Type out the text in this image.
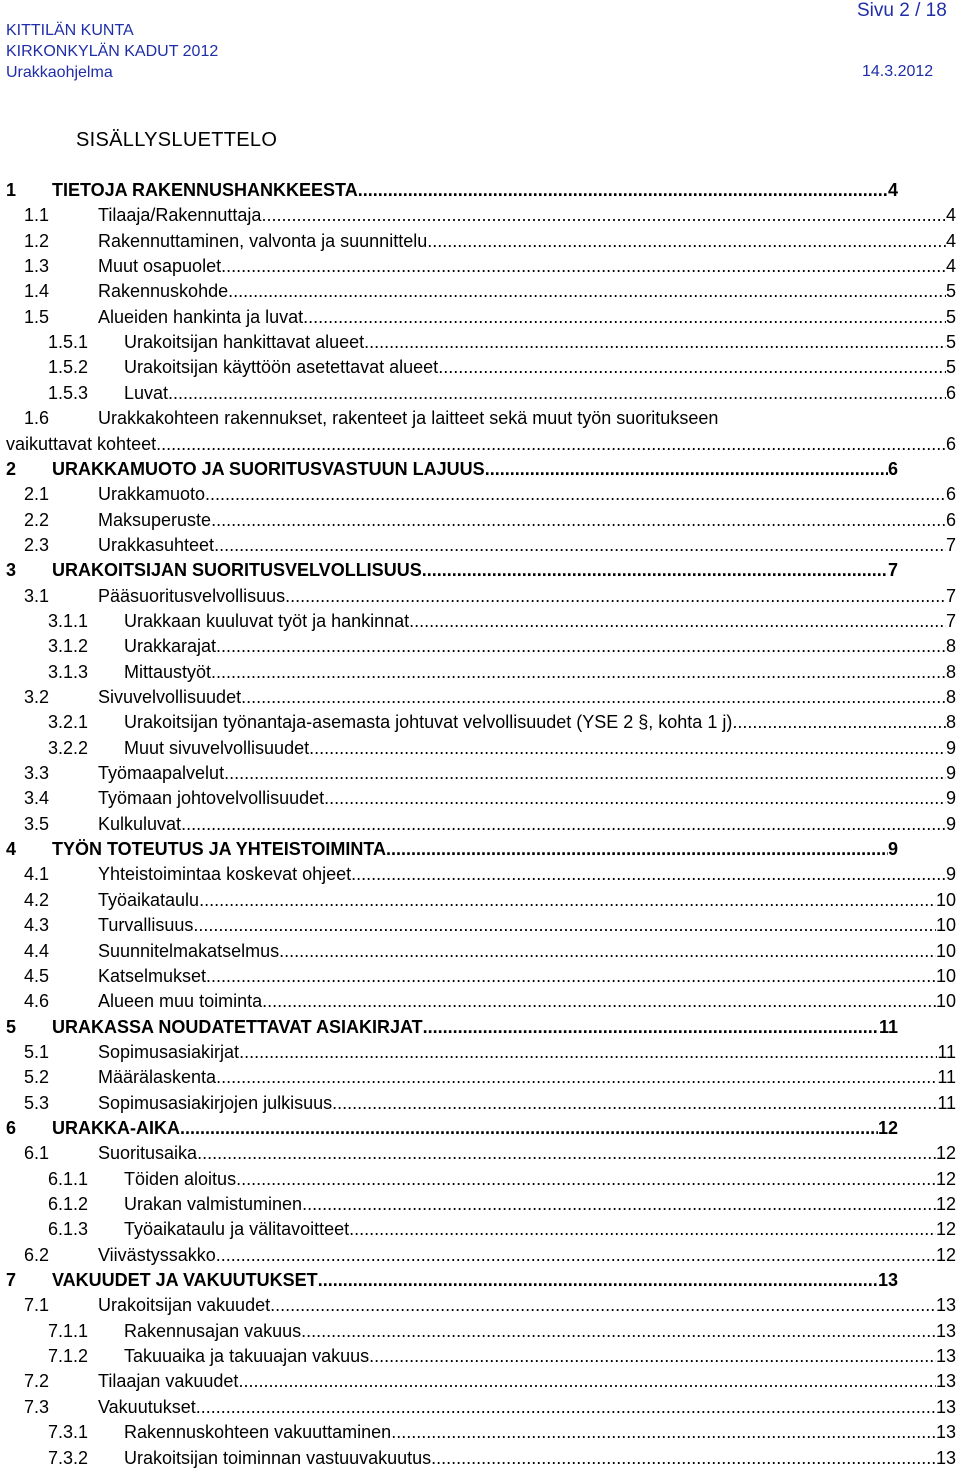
KITTILÄN KUNTA
KIRKONKYLÄN KADUT 2012
Urakkaohjelma	14.3.2012
Sivu 2 / 18
SISÄLLYSLUETTELO
1 TIETOJA RAKENNUSHANKKEESTA .....	4
1.1	Tilaaja/Rakennuttaja .....	4
1.2	Rakennuttaminen, valvonta ja suunnittelu .....	4
1.3	Muut osapuolet .....	4
1.4	Rakennuskohde .....	5
1.5	Alueiden hankinta ja luvat .....	5
1.5.1 Urakoitsijan hankittavat alueet .....	5
1.5.2 Urakoitsijan käyttöön asetettavat alueet .....	5
1.5.3 Luvat .....	6
1.6	Urakkakohteen rakennukset, rakenteet ja laitteet sekä muut työn suoritukseen
vaikuttavat kohteet .....	6
2 URAKKAMUOTO JA SUORITUSVASTUUN LAJUUS .....	6
2.1	Urakkamuoto .....	6
2.2	Maksuperuste .....	6
2.3	Urakkasuhteet .....	7
3 URAKOITSIJAN SUORITUSVELVOLLISUUS .....	7
3.1	Pääsuoritusvelvollisuus .....	7
3.1.1 Urakkaan kuuluvat työt ja hankinnat .....	7
3.1.2 Urakkarajat .....	8
3.1.3 Mittaustyöt .....	8
3.2	Sivuvelvollisuudet .....	8
3.2.1 Urakoitsijan työnantaja-asemasta johtuvat velvollisuudet (YSE 2 §, kohta 1 j) .....	8
3.2.2 Muut sivuvelvollisuudet .....	9
3.3	Työmaapalvelut .....	9
3.4	Työmaan johtovelvollisuudet .....	9
3.5	Kulkuluvat .....	9
4 TYÖN TOTEUTUS JA YHTEISTOIMINTA .....	9
4.1	Yhteistoimintaa koskevat ohjeet .....	9
4.2	Työaikataulu .....	10
4.3	Turvallisuus .....	10
4.4	Suunnitelmakatselmus .....	10
4.5	Katselmukset .....	10
4.6	Alueen muu toiminta .....	10
5 URAKASSA NOUDATETTAVAT ASIAKIRJAT .....	11
5.1	Sopimusasiakirjat .....	11
5.2	Määrälaskenta .....	11
5.3	Sopimusasiakirjojen julkisuus .....	11
6 URAKKA-AIKA .....	12
6.1	Suoritusaika .....	12
6.1.1 Töiden aloitus .....	12
6.1.2 Urakan valmistuminen .....	12
6.1.3 Työaikataulu ja välitavoitteet .....	12
6.2	Viivästyssakko .....	12
7 VAKUUDET JA VAKUUTUKSET .....	13
7.1	Urakoitsijan vakuudet .....	13
7.1.1 Rakennusajan vakuus .....	13
7.1.2 Takuuaika ja takuuajan vakuus .....	13
7.2	Tilaajan vakuudet .....	13
7.3	Vakuutukset .....	13
7.3.1 Rakennuskohteen vakuuttaminen .....	13
7.3.2 Urakoitsijan toiminnan vastuuvakuutus .....	13
